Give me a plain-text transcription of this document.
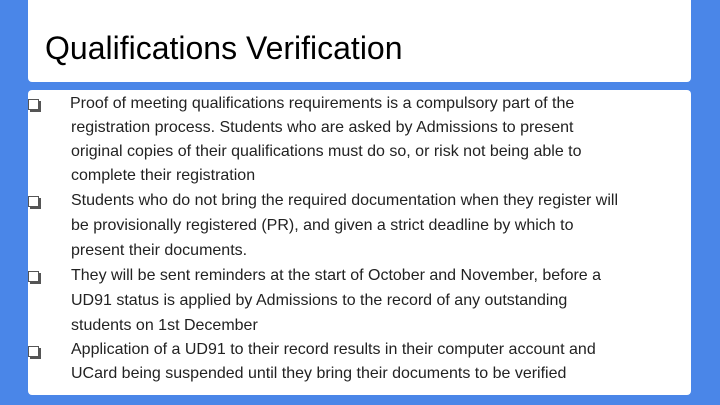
Qualifications Verification
Proof of meeting qualifications requirements is a compulsory part of the
registration process. Students who are asked by Admissions to present
original copies of their qualifications must do so, or risk not being able to
complete their registration
Students who do not bring the required documentation when they register will
be provisionally registered (PR), and given a strict deadline by which to
present their documents.
They will be sent reminders at the start of October and November, before a
UD91 status is applied by Admissions to the record of any outstanding
students on 1st December
Application of a UD91 to their record results in their computer account and
UCard being suspended until they bring their documents to be verified
